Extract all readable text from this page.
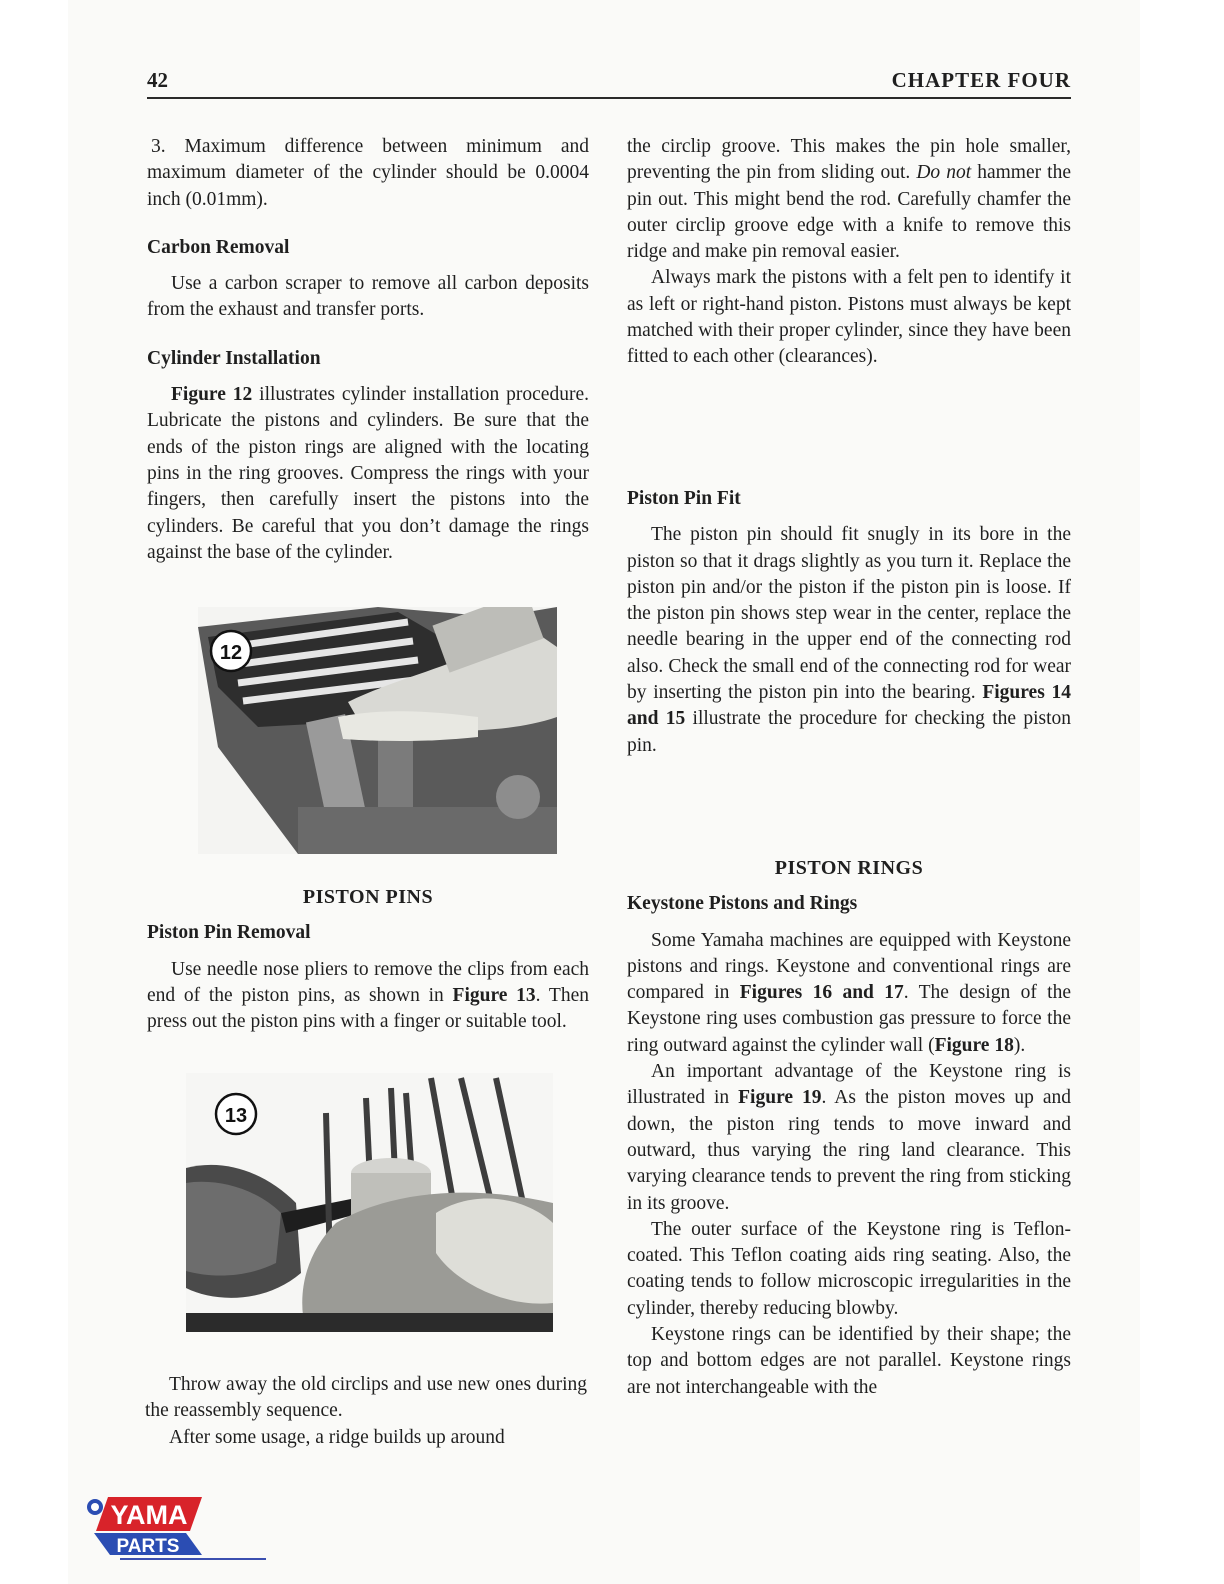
42	CHAPTER FOUR

3. Maximum difference between minimum and maximum diameter of the cylinder should be 0.0004 inch (0.01mm).

Carbon Removal

Use a carbon scraper to remove all carbon deposits from the exhaust and transfer ports.

Cylinder Installation

Figure 12 illustrates cylinder installation procedure. Lubricate the pistons and cylinders. Be sure that the ends of the piston rings are aligned with the locating pins in the ring grooves. Compress the rings with your fingers, then carefully insert the pistons into the cylinders. Be careful that you don’t damage the rings against the base of the cylinder.

12
PISTON PINS
Piston Pin Removal

Use needle nose pliers to remove the clips from each end of the piston pins, as shown in Figure 13. Then press out the piston pins with a finger or suitable tool.

13

Throw away the old circlips and use new ones during the reassembly sequence.

After some usage, a ridge builds up around

the circlip groove. This makes the pin hole smaller, preventing the pin from sliding out. Do not hammer the pin out. This might bend the rod. Carefully chamfer the outer circlip groove edge with a knife to remove this ridge and make pin removal easier.

Always mark the pistons with a felt pen to identify it as left or right-hand piston. Pistons must always be kept matched with their proper cylinder, since they have been fitted to each other (clearances).

Piston Pin Fit

The piston pin should fit snugly in its bore in the piston so that it drags slightly as you turn it. Replace the piston pin and/or the piston if the piston pin is loose. If the piston pin shows step wear in the center, replace the needle bearing in the upper end of the connecting rod also. Check the small end of the connecting rod for wear by inserting the piston pin into the bearing. Figures 14 and 15 illustrate the procedure for checking the piston pin.

PISTON RINGS
Keystone Pistons and Rings

Some Yamaha machines are equipped with Keystone pistons and rings. Keystone and conventional rings are compared in Figures 16 and 17. The design of the Keystone ring uses combustion gas pressure to force the ring outward against the cylinder wall (Figure 18).

An important advantage of the Keystone ring is illustrated in Figure 19. As the piston moves up and down, the piston ring tends to move inward and outward, thus varying the ring land clearance. This varying clearance tends to prevent the ring from sticking in its groove.

The outer surface of the Keystone ring is Teflon-coated. This Teflon coating aids ring seating. Also, the coating tends to follow microscopic irregularities in the cylinder, thereby reducing blowby.

Keystone rings can be identified by their shape; the top and bottom edges are not parallel. Keystone rings are not interchangeable with the

YAMA
PARTS
